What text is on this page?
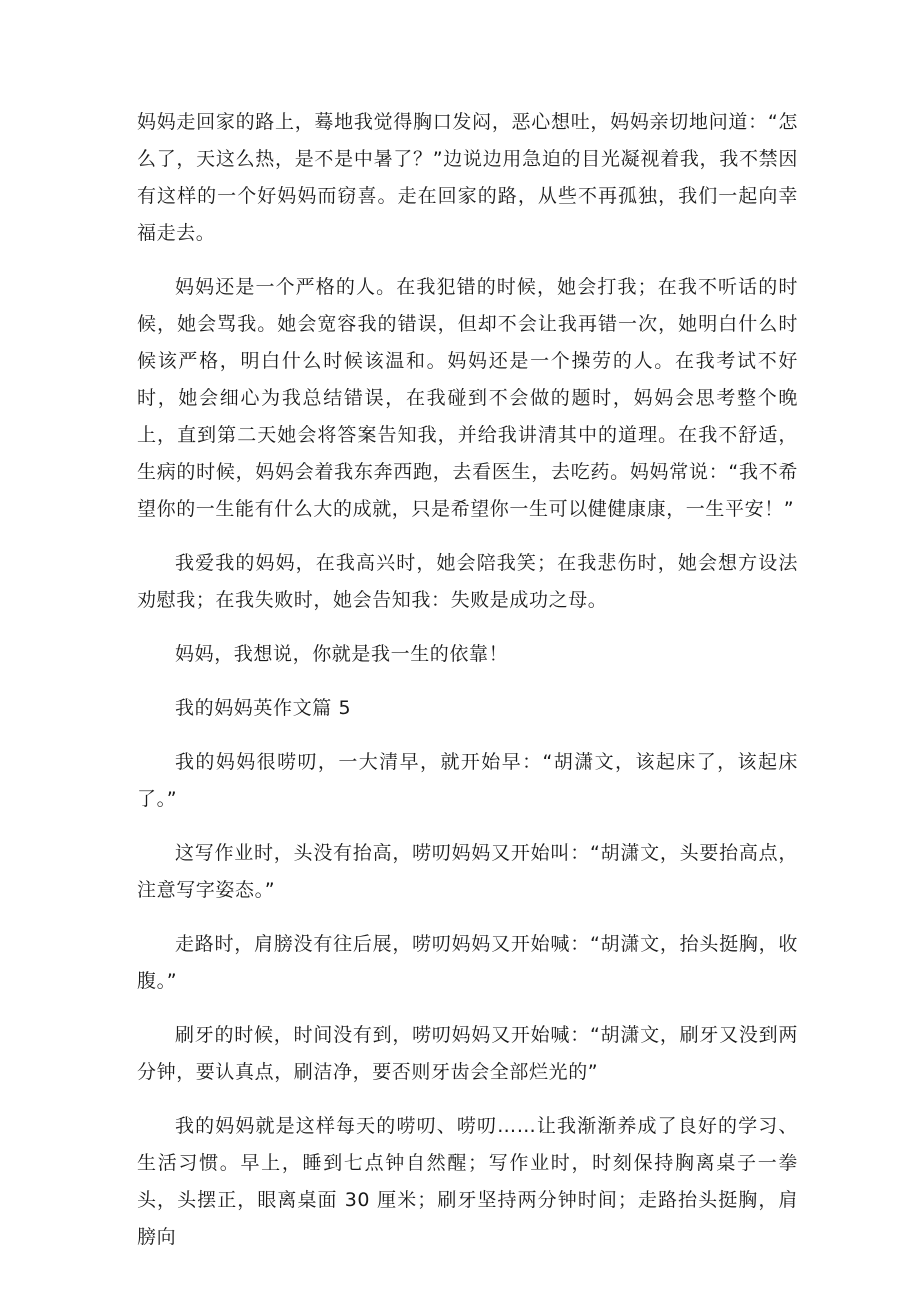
妈妈走回家的路上，蓦地我觉得胸口发闷，恶心想吐，妈妈亲切地问道：“怎么了，天这么热，是不是中暑了？”边说边用急迫的目光凝视着我，我不禁因有这样的一个好妈妈而窃喜。走在回家的路，从些不再孤独，我们一起向幸福走去。

妈妈还是一个严格的人。在我犯错的时候，她会打我；在我不听话的时候，她会骂我。她会宽容我的错误，但却不会让我再错一次，她明白什么时候该严格，明白什么时候该温和。妈妈还是一个操劳的人。在我考试不好时，她会细心为我总结错误，在我碰到不会做的题时，妈妈会思考整个晚上，直到第二天她会将答案告知我，并给我讲清其中的道理。在我不舒适，生病的时候，妈妈会着我东奔西跑，去看医生，去吃药。妈妈常说：“我不希望你的一生能有什么大的成就，只是希望你一生可以健健康康，一生平安！”

我爱我的妈妈，在我高兴时，她会陪我笑；在我悲伤时，她会想方设法劝慰我；在我失败时，她会告知我：失败是成功之母。

妈妈，我想说，你就是我一生的依靠！

我的妈妈英作文篇 5

我的妈妈很唠叨，一大清早，就开始早：“胡潇文，该起床了，该起床了。”

这写作业时，头没有抬高，唠叨妈妈又开始叫：“胡潇文，头要抬高点，注意写字姿态。”

走路时，肩膀没有往后展，唠叨妈妈又开始喊：“胡潇文，抬头挺胸，收腹。”

刷牙的时候，时间没有到，唠叨妈妈又开始喊：“胡潇文，刷牙又没到两分钟，要认真点，刷洁净，要否则牙齿会全部烂光的”

我的妈妈就是这样每天的唠叨、唠叨……让我渐渐养成了良好的学习、生活习惯。早上，睡到七点钟自然醒；写作业时，时刻保持胸离桌子一拳头，头摆正，眼离桌面 30 厘米；刷牙坚持两分钟时间；走路抬头挺胸，肩膀向
